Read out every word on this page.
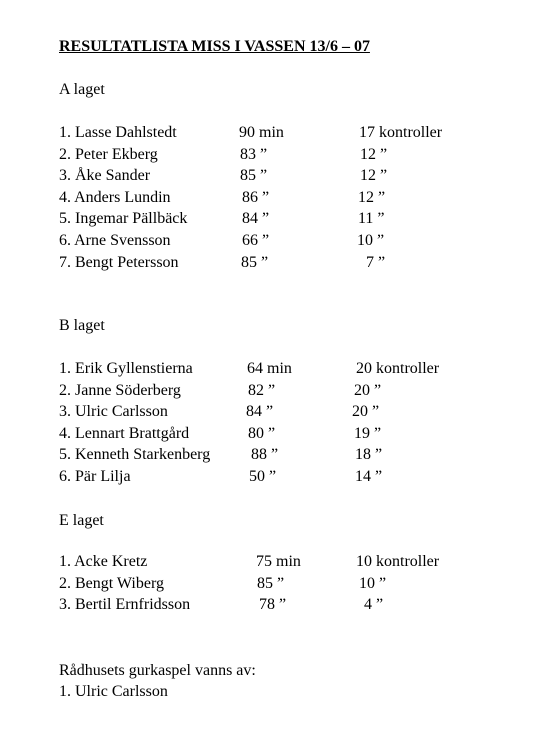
RESULTATLISTA MISS I VASSEN 13/6 – 07
A laget
1. Lasse Dahlstedt	90 min	17 kontroller
2. Peter Ekberg	83 ”	12 ”
3. Åke Sander	85 ”	12 ”
4. Anders Lundin	86 ”	12 ”
5. Ingemar Pällbäck	84 ”	11 ”
6. Arne Svensson	66 ”	10 ”
7. Bengt Petersson	85 ”	7 ”
B laget
1. Erik Gyllenstierna	64 min	20 kontroller
2. Janne Söderberg	82 ”	20 ”
3. Ulric Carlsson	84 ”	20 ”
4. Lennart Brattgård	80 ”	19 ”
5. Kenneth Starkenberg	88 ”	18 ”
6. Pär Lilja	50 ”	14 ”
E laget
1. Acke Kretz	75 min	10 kontroller
2. Bengt Wiberg	85 ”	10 ”
3. Bertil Ernfridsson	78 ”	4 ”
Rådhusets gurkaspel vanns av:
1. Ulric Carlsson
